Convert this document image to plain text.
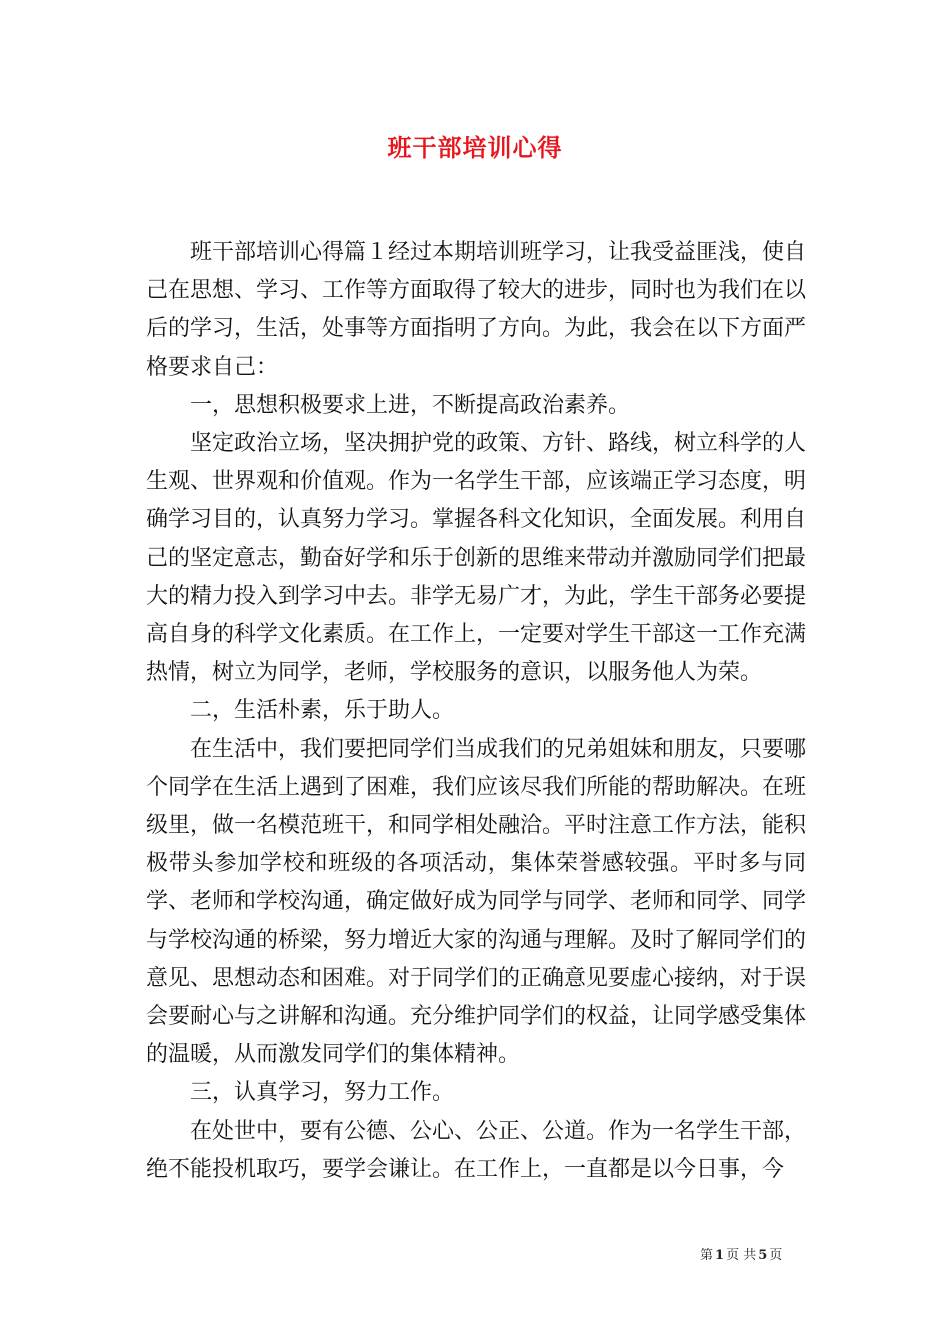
班干部培训心得

班干部培训心得篇１经过本期培训班学习，让我受益匪浅，使自己在思想、学习、工作等方面取得了较大的进步，同时也为我们在以后的学习，生活，处事等方面指明了方向。为此，我会在以下方面严格要求自己：

一，思想积极要求上进，不断提高政治素养。

坚定政治立场，坚决拥护党的政策、方针、路线，树立科学的人生观、世界观和价值观。作为一名学生干部，应该端正学习态度，明确学习目的，认真努力学习。掌握各科文化知识，全面发展。利用自己的坚定意志，勤奋好学和乐于创新的思维来带动并激励同学们把最大的精力投入到学习中去。非学无易广才，为此，学生干部务必要提高自身的科学文化素质。在工作上，一定要对学生干部这一工作充满热情，树立为同学，老师，学校服务的意识，以服务他人为荣。

二，生活朴素，乐于助人。

在生活中，我们要把同学们当成我们的兄弟姐妹和朋友，只要哪个同学在生活上遇到了困难，我们应该尽我们所能的帮助解决。在班级里，做一名模范班干，和同学相处融洽。平时注意工作方法，能积极带头参加学校和班级的各项活动，集体荣誉感较强。平时多与同学、老师和学校沟通，确定做好成为同学与同学、老师和同学、同学与学校沟通的桥梁，努力增近大家的沟通与理解。及时了解同学们的意见、思想动态和困难。对于同学们的正确意见要虚心接纳，对于误会要耐心与之讲解和沟通。充分维护同学们的权益，让同学感受集体的温暖，从而激发同学们的集体精神。

三，认真学习，努力工作。

在处世中，要有公德、公心、公正、公道。作为一名学生干部，绝不能投机取巧，要学会谦让。在工作上，一直都是以今日事，今

第 1 页 共 5 页
